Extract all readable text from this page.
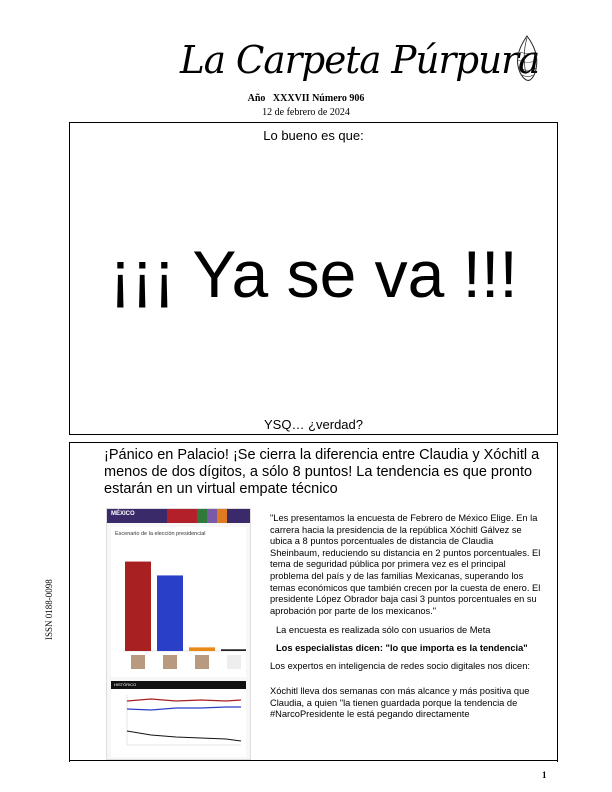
La Carpeta Púrpura
Año XXXVII Número 906
12 de febrero de 2024
Lo bueno es que:
¡¡¡ Ya se va !!!
YSQ… ¿verdad?
¡Pánico en Palacio! ¡Se cierra la diferencia entre Claudia y Xóchitl a menos de dos dígitos, a sólo 8 puntos! La tendencia es que pronto estarán en un virtual empate técnico
MÉXICO
Escenario de la elección presidencial
HISTÓRICO

"Les presentamos la encuesta de Febrero de México Elige. En la carrera hacia la presidencia de la república Xóchitl Gálvez se ubica a 8 puntos porcentuales de distancia de Claudia Sheinbaum, reduciendo su distancia en 2 puntos porcentuales. El tema de seguridad pública por primera vez es el principal problema del país y de las familias Mexicanas, superando los temas económicos que también crecen por la cuesta de enero. El presidente López Obrador baja casi 3 puntos porcentuales en su aprobación por parte de los mexicanos."

La encuesta es realizada sólo con usuarios de Meta

Los especialistas dicen: "lo que importa es la tendencia"

Los expertos en inteligencia de redes socio digitales nos dicen:

Xóchitl lleva dos semanas con más alcance y más positiva que Claudia, a quien "la tienen guardada porque la tendencia de #NarcoPresidente le está pegando directamente

ISSN 0188-0098
1
